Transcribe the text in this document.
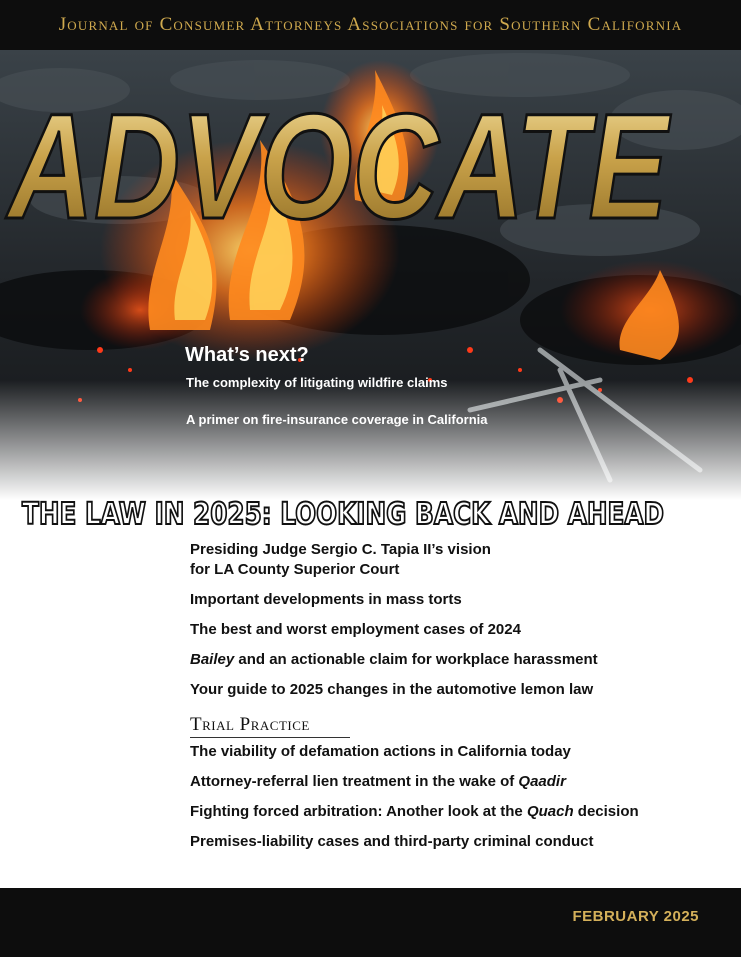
Journal of Consumer Attorneys Associations for Southern California
ADVOCATE
What’s next?
The complexity of litigating wildfire claims
A primer on fire-insurance coverage in California
THE LAW IN 2025: LOOKING BACK AND AHEAD
Presiding Judge Sergio C. Tapia II’s vision
for LA County Superior Court
Important developments in mass torts
The best and worst employment cases of 2024
Bailey and an actionable claim for workplace harassment
Your guide to 2025 changes in the automotive lemon law
Trial Practice
The viability of defamation actions in California today
Attorney-referral lien treatment in the wake of Qaadir
Fighting forced arbitration: Another look at the Quach decision
Premises-liability cases and third-party criminal conduct
FEBRUARY 2025
